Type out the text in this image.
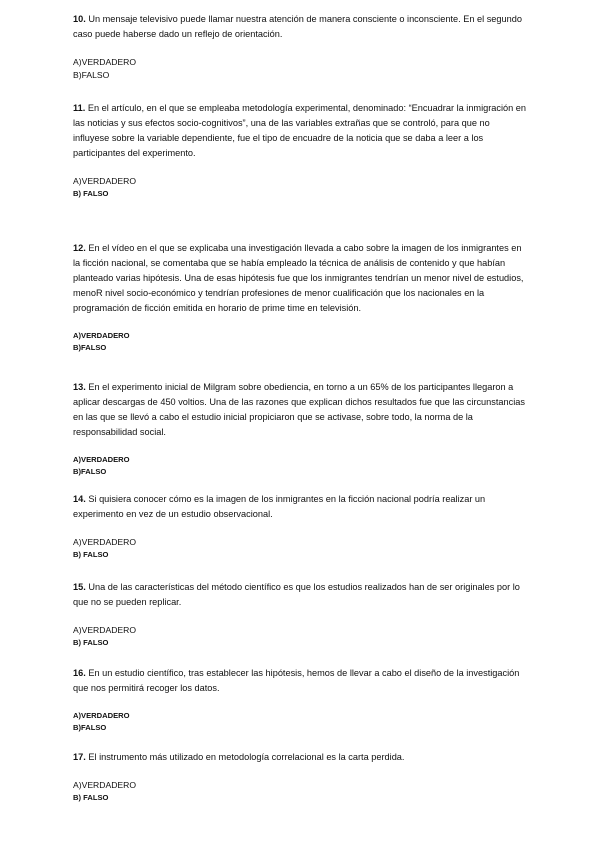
10. Un mensaje televisivo puede llamar nuestra atención de manera consciente o inconsciente. En el segundo caso puede haberse dado un reflejo de orientación.

A)VERDADERO
B)FALSO

11. En el artículo, en el que se empleaba metodología experimental, denominado: “Encuadrar la inmigración en las noticias y sus efectos socio-cognitivos”, una de las variables extrañas que se controló, para que no influyese sobre la variable dependiente, fue el tipo de encuadre de la noticia que se daba a leer a los participantes del experimento.

A)VERDADERO
B) FALSO

12. En el vídeo en el que se explicaba una investigación llevada a cabo sobre la imagen de los inmigrantes en la ficción nacional, se comentaba que se había empleado la técnica de análisis de contenido y que habían planteado varias hipótesis. Una de esas hipótesis fue que los inmigrantes tendrían un menor nivel de estudios, menoR nivel socio-económico y tendrían profesiones de menor cualificación que los nacionales en la programación de ficción emitida en horario de prime time en televisión.

A)VERDADERO
B)FALSO

13. En el experimento inicial de Milgram sobre obediencia, en torno a un 65% de los participantes llegaron a aplicar descargas de 450 voltios. Una de las razones que explican dichos resultados fue que las circunstancias en las que se llevó a cabo el estudio inicial propiciaron que se activase, sobre todo, la norma de la responsabilidad social.

A)VERDADERO
B)FALSO

14. Si quisiera conocer cómo es la imagen de los inmigrantes en la ficción nacional podría realizar un experimento en vez de un estudio observacional.

A)VERDADERO
B) FALSO

15. Una de las características del método científico es que los estudios realizados han de ser originales por lo que no se pueden replicar.

A)VERDADERO
B) FALSO

16. En un estudio científico, tras establecer las hipótesis, hemos de llevar a cabo el diseño de la investigación que nos permitirá recoger los datos.

A)VERDADERO
B)FALSO

17. El instrumento más utilizado en metodología correlacional es la carta perdida.

A)VERDADERO
B) FALSO
